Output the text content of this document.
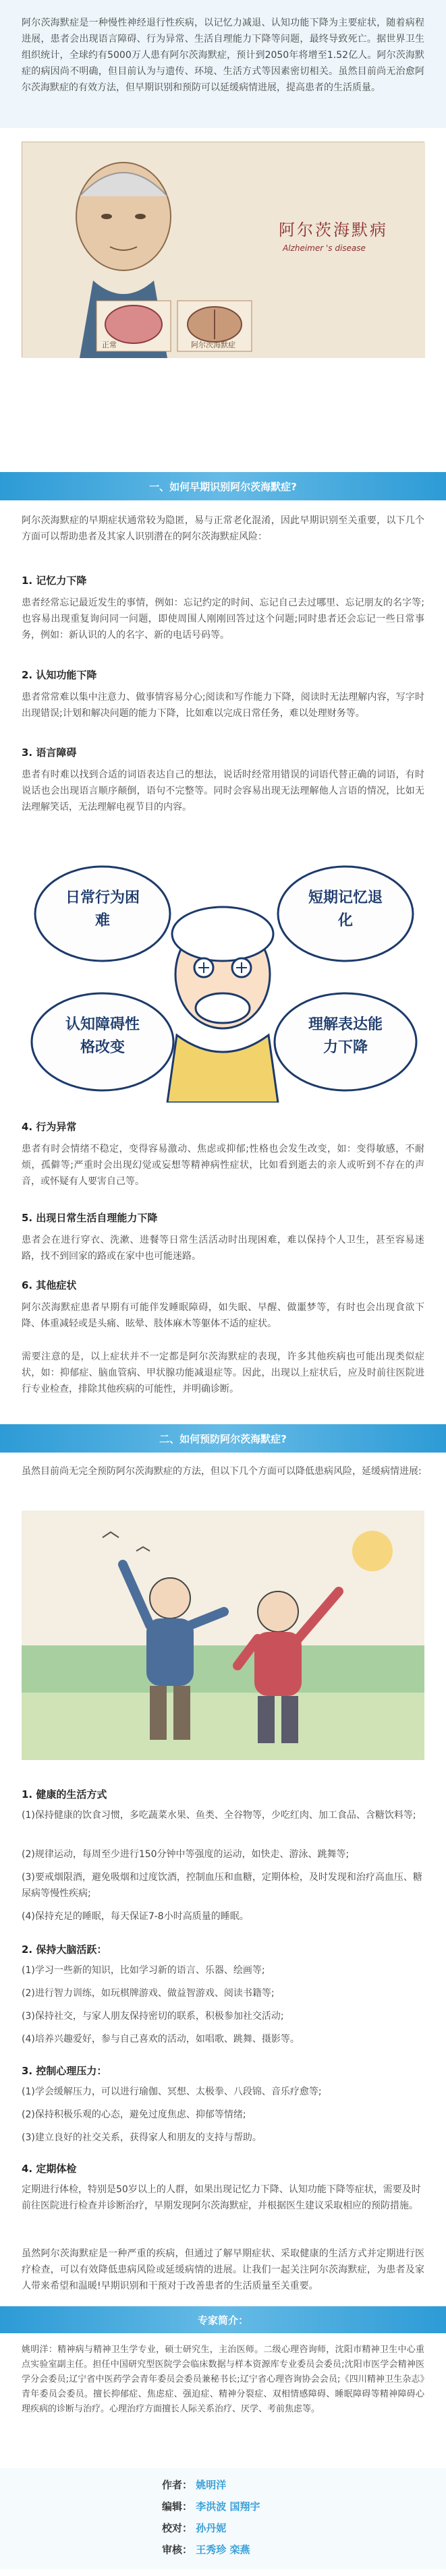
阿尔茨海默症是一种慢性神经退行性疾病，以记忆力减退、认知功能下降为主要症状，随着病程进展，患者会出现语言障碍、行为异常、生活自理能力下降等问题，最终导致死亡。据世界卫生组织统计，全球约有5000万人患有阿尔茨海默症，预计到2050年将增至1.52亿人。阿尔茨海默症的病因尚不明确，但目前认为与遗传、环境、生活方式等因素密切相关。虽然目前尚无治愈阿尔茨海默症的有效方法，但早期识别和预防可以延缓病情进展，提高患者的生活质量。

阿尔茨海默病
Alzheimer 's disease
正常	阿尔茨海默症
一、如何早期识别阿尔茨海默症?

阿尔茨海默症的早期症状通常较为隐匿，易与正常老化混淆，因此早期识别至关重要，以下几个方面可以帮助患者及其家人识别潜在的阿尔茨海默症风险：

1. 记忆力下降

患者经常忘记最近发生的事情，例如：忘记约定的时间、忘记自己去过哪里、忘记朋友的名字等;也容易出现重复询问同一问题，即使周围人刚刚回答过这个问题;同时患者还会忘记一些日常事务，例如：新认识的人的名字、新的电话号码等。

2. 认知功能下降

患者常常难以集中注意力、做事情容易分心;阅读和写作能力下降，阅读时无法理解内容，写字时出现错误;计划和解决问题的能力下降，比如难以完成日常任务，难以处理财务等。

3. 语言障碍

患者有时难以找到合适的词语表达自己的想法，说话时经常用错误的词语代替正确的词语，有时说话也会出现语言顺序颠倒，语句不完整等。同时会容易出现无法理解他人言语的情况，比如无法理解笑话，无法理解电视节目的内容。

日常行为困难
短期记忆退化
认知障碍性格改变
理解表达能力下降
4. 行为异常

患者有时会情绪不稳定，变得容易激动、焦虑或抑郁;性格也会发生改变，如：变得敏感，不耐烦，孤僻等;严重时会出现幻觉或妄想等精神病性症状，比如看到逝去的亲人或听到不存在的声音，或怀疑有人要害自己等。

5. 出现日常生活自理能力下降

患者会在进行穿衣、洗漱、进餐等日常生活活动时出现困难，难以保持个人卫生，甚至容易迷路，找不到回家的路或在家中也可能迷路。

6. 其他症状

阿尔茨海默症患者早期有可能伴发睡眠障碍，如失眠、早醒、做噩梦等，有时也会出现食欲下降、体重减轻或是头痛、眩晕、肢体麻木等躯体不适的症状。

需要注意的是，以上症状并不一定都是阿尔茨海默症的表现，许多其他疾病也可能出现类似症状，如：抑郁症、脑血管病、甲状腺功能减退症等。因此，出现以上症状后，应及时前往医院进行专业检查，排除其他疾病的可能性，并明确诊断。

二、如何预防阿尔茨海默症?

虽然目前尚无完全预防阿尔茨海默症的方法，但以下几个方面可以降低患病风险，延缓病情进展:

1. 健康的生活方式

(1)保持健康的饮食习惯，多吃蔬菜水果、鱼类、全谷物等，少吃红肉、加工食品、含糖饮料等;

(2)规律运动，每周至少进行150分钟中等强度的运动，如快走、游泳、跳舞等;

(3)要戒烟限酒，避免吸烟和过度饮酒，控制血压和血糖，定期体检，及时发现和治疗高血压、糖尿病等慢性疾病;

(4)保持充足的睡眠，每天保证7-8小时高质量的睡眠。

2. 保持大脑活跃：

(1)学习一些新的知识，比如学习新的语言、乐器、绘画等;

(2)进行智力训练，如玩棋牌游戏、做益智游戏、阅读书籍等;

(3)保持社交，与家人朋友保持密切的联系，积极参加社交活动;

(4)培养兴趣爱好，参与自己喜欢的活动，如唱歌、跳舞、摄影等。

3. 控制心理压力：

(1)学会缓解压力，可以进行瑜伽、冥想、太极拳、八段锦、音乐疗愈等;

(2)保持积极乐观的心态，避免过度焦虑、抑郁等情绪;

(3)建立良好的社交关系，获得家人和朋友的支持与帮助。

4. 定期体检

定期进行体检，特别是50岁以上的人群，如果出现记忆力下降、认知功能下降等症状，需要及时前往医院进行检查并诊断治疗，早期发现阿尔茨海默症，并根据医生建议采取相应的预防措施。

虽然阿尔茨海默症是一种严重的疾病，但通过了解早期症状、采取健康的生活方式并定期进行医疗检查，可以有效降低患病风险或延缓病情的进展。让我们一起关注阿尔茨海默症，为患者及家人带来希望和温暖!早期识别和干预对于改善患者的生活质量至关重要。

专家简介：

姚明洋：精神病与精神卫生学专业，硕士研究生，主治医师。二级心理咨询师，沈阳市精神卫生中心重点实验室副主任。担任中国研究型医院学会临床数据与样本资源库专业委员会委员;沈阳市医学会精神医学分会委员;辽宁省中医药学会青年委员会委员兼秘书长;辽宁省心理咨询协会会员;《四川精神卫生杂志》青年委员会委员。擅长抑郁症、焦虑症、强迫症、精神分裂症、双相情感障碍、睡眠障碍等精神障碍心理疾病的诊断与治疗。心理治疗方面擅长人际关系治疗、厌学、考前焦虑等。

作者： 姚明洋
编辑： 李洪波 国翔宇
校对： 孙丹妮
审核： 王秀珍 栾燕
